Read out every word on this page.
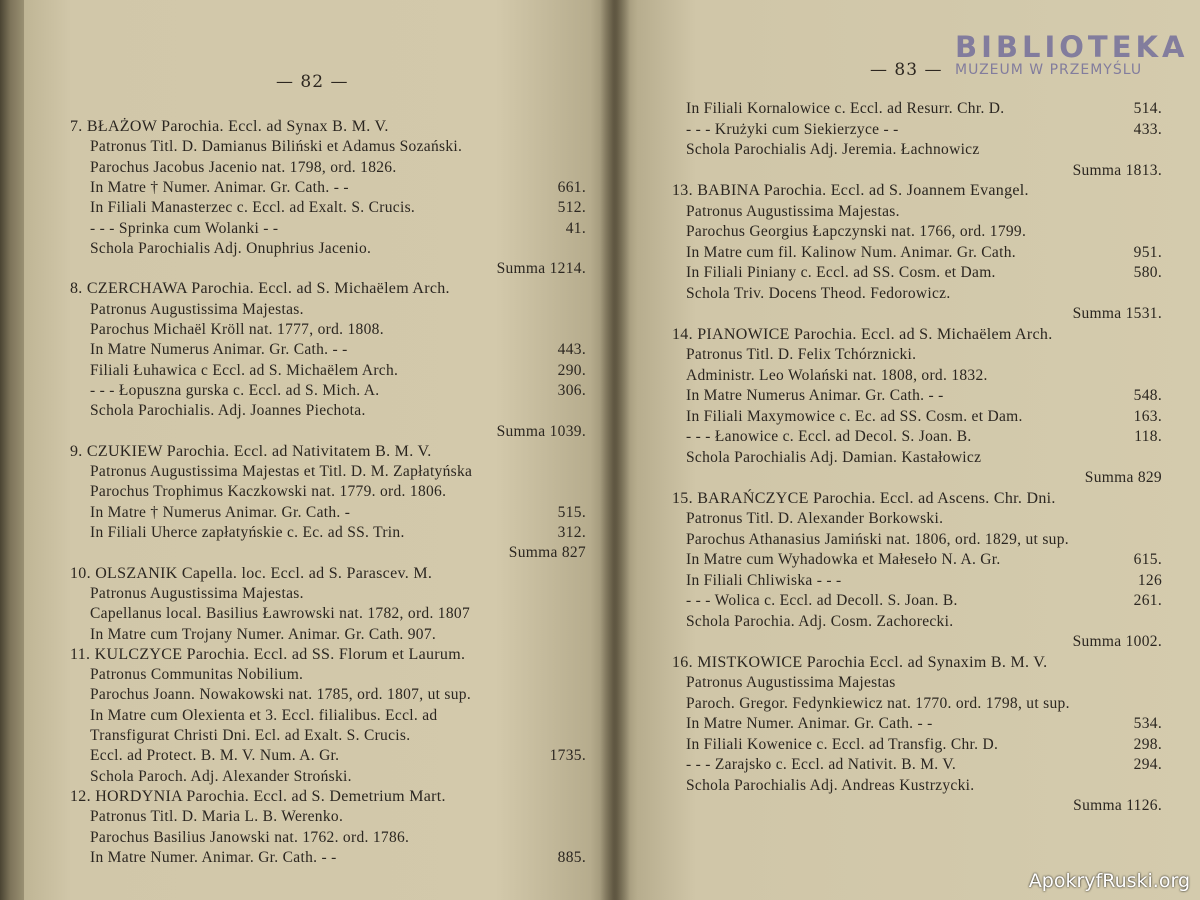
— 82 —
7. BŁAŻOW Parochia. Eccl. ad Synax B. M. V.
Patronus Titl. D. Damianus Biliński et Adamus Sozański.
Parochus Jacobus Jacenio nat. 1798, ord. 1826.
In Matre † Numer. Animar. Gr. Cath. - -	661.
In Filiali Manasterzec c. Eccl. ad Exalt. S. Crucis.	512.
- - - Sprinka cum Wolanki - -	41.
Schola Parochialis Adj. Onuphrius Jacenio.
Summa 1214.
8. CZERCHAWA Parochia. Eccl. ad S. Michaëlem Arch.
Patronus Augustissima Majestas.
Parochus Michaël Kröll nat. 1777, ord. 1808.
In Matre Numerus Animar. Gr. Cath. - -	443.
Filiali Łuhawica c Eccl. ad S. Michaëlem Arch.	290.
- - - Łopuszna gurska c. Eccl. ad S. Mich. A.	306.
Schola Parochialis. Adj. Joannes Piechota.
Summa 1039.
9. CZUKIEW Parochia. Eccl. ad Nativitatem B. M. V.
Patronus Augustissima Majestas et Titl. D. M. Zapłatyńska
Parochus Trophimus Kaczkowski nat. 1779. ord. 1806.
In Matre † Numerus Animar. Gr. Cath. -	515.
In Filiali Uherce zapłatyńskie c. Ec. ad SS. Trin.	312.
Summa 827
10. OLSZANIK Capella. loc. Eccl. ad S. Parascev. M.
Patronus Augustissima Majestas.
Capellanus local. Basilius Ławrowski nat. 1782, ord. 1807
In Matre cum Trojany Numer. Animar. Gr. Cath. 907.
11. KULCZYCE Parochia. Eccl. ad SS. Florum et Laurum.
Patronus Communitas Nobilium.
Parochus Joann. Nowakowski nat. 1785, ord. 1807, ut sup.
In Matre cum Olexienta et 3. Eccl. filialibus. Eccl. ad
Transfigurat Christi Dni. Ecl. ad Exalt. S. Crucis.
Eccl. ad Protect. B. M. V. Num. A. Gr.	1735.
Schola Paroch. Adj. Alexander Stroński.
12. HORDYNIA Parochia. Eccl. ad S. Demetrium Mart.
Patronus Titl. D. Maria L. B. Werenko.
Parochus Basilius Janowski nat. 1762. ord. 1786.
In Matre Numer. Animar. Gr. Cath. - -	885.
— 83 —
In Filiali Kornalowice c. Eccl. ad Resurr. Chr. D.	514.
- - - Krużyki cum Siekierzyce - -	433.
Schola Parochialis Adj. Jeremia. Łachnowicz
Summa 1813.
13. BABINA Parochia. Eccl. ad S. Joannem Evangel.
Patronus Augustissima Majestas.
Parochus Georgius Łapczynski nat. 1766, ord. 1799.
In Matre cum fil. Kalinow Num. Animar. Gr. Cath.	951.
In Filiali Piniany c. Eccl. ad SS. Cosm. et Dam.	580.
Schola Triv. Docens Theod. Fedorowicz.
Summa 1531.
14. PIANOWICE Parochia. Eccl. ad S. Michaëlem Arch.
Patronus Titl. D. Felix Tchórznicki.
Administr. Leo Wolański nat. 1808, ord. 1832.
In Matre Numerus Animar. Gr. Cath. - -	548.
In Filiali Maxymowice c. Ec. ad SS. Cosm. et Dam.	163.
- - - Łanowice c. Eccl. ad Decol. S. Joan. B.	118.
Schola Parochialis Adj. Damian. Kastałowicz
Summa 829
15. BARAŃCZYCE Parochia. Eccl. ad Ascens. Chr. Dni.
Patronus Titl. D. Alexander Borkowski.
Parochus Athanasius Jamiński nat. 1806, ord. 1829, ut sup.
In Matre cum Wyhadowka et Małeseło N. A. Gr.	615.
In Filiali Chliwiska - - -	126
- - - Wolica c. Eccl. ad Decoll. S. Joan. B.	261.
Schola Parochia. Adj. Cosm. Zachorecki.
Summa 1002.
16. MISTKOWICE Parochia Eccl. ad Synaxim B. M. V.
Patronus Augustissima Majestas
Paroch. Gregor. Fedynkiewicz nat. 1770. ord. 1798, ut sup.
In Matre Numer. Animar. Gr. Cath. - -	534.
In Filiali Kowenice c. Eccl. ad Transfig. Chr. D.	298.
- - - Zarajsko c. Eccl. ad Nativit. B. M. V.	294.
Schola Parochialis Adj. Andreas Kustrzycki.
Summa 1126.
BIBLIOTEKA
MUZEUM W PRZEMYŚLU
ApokryfRuski.org
